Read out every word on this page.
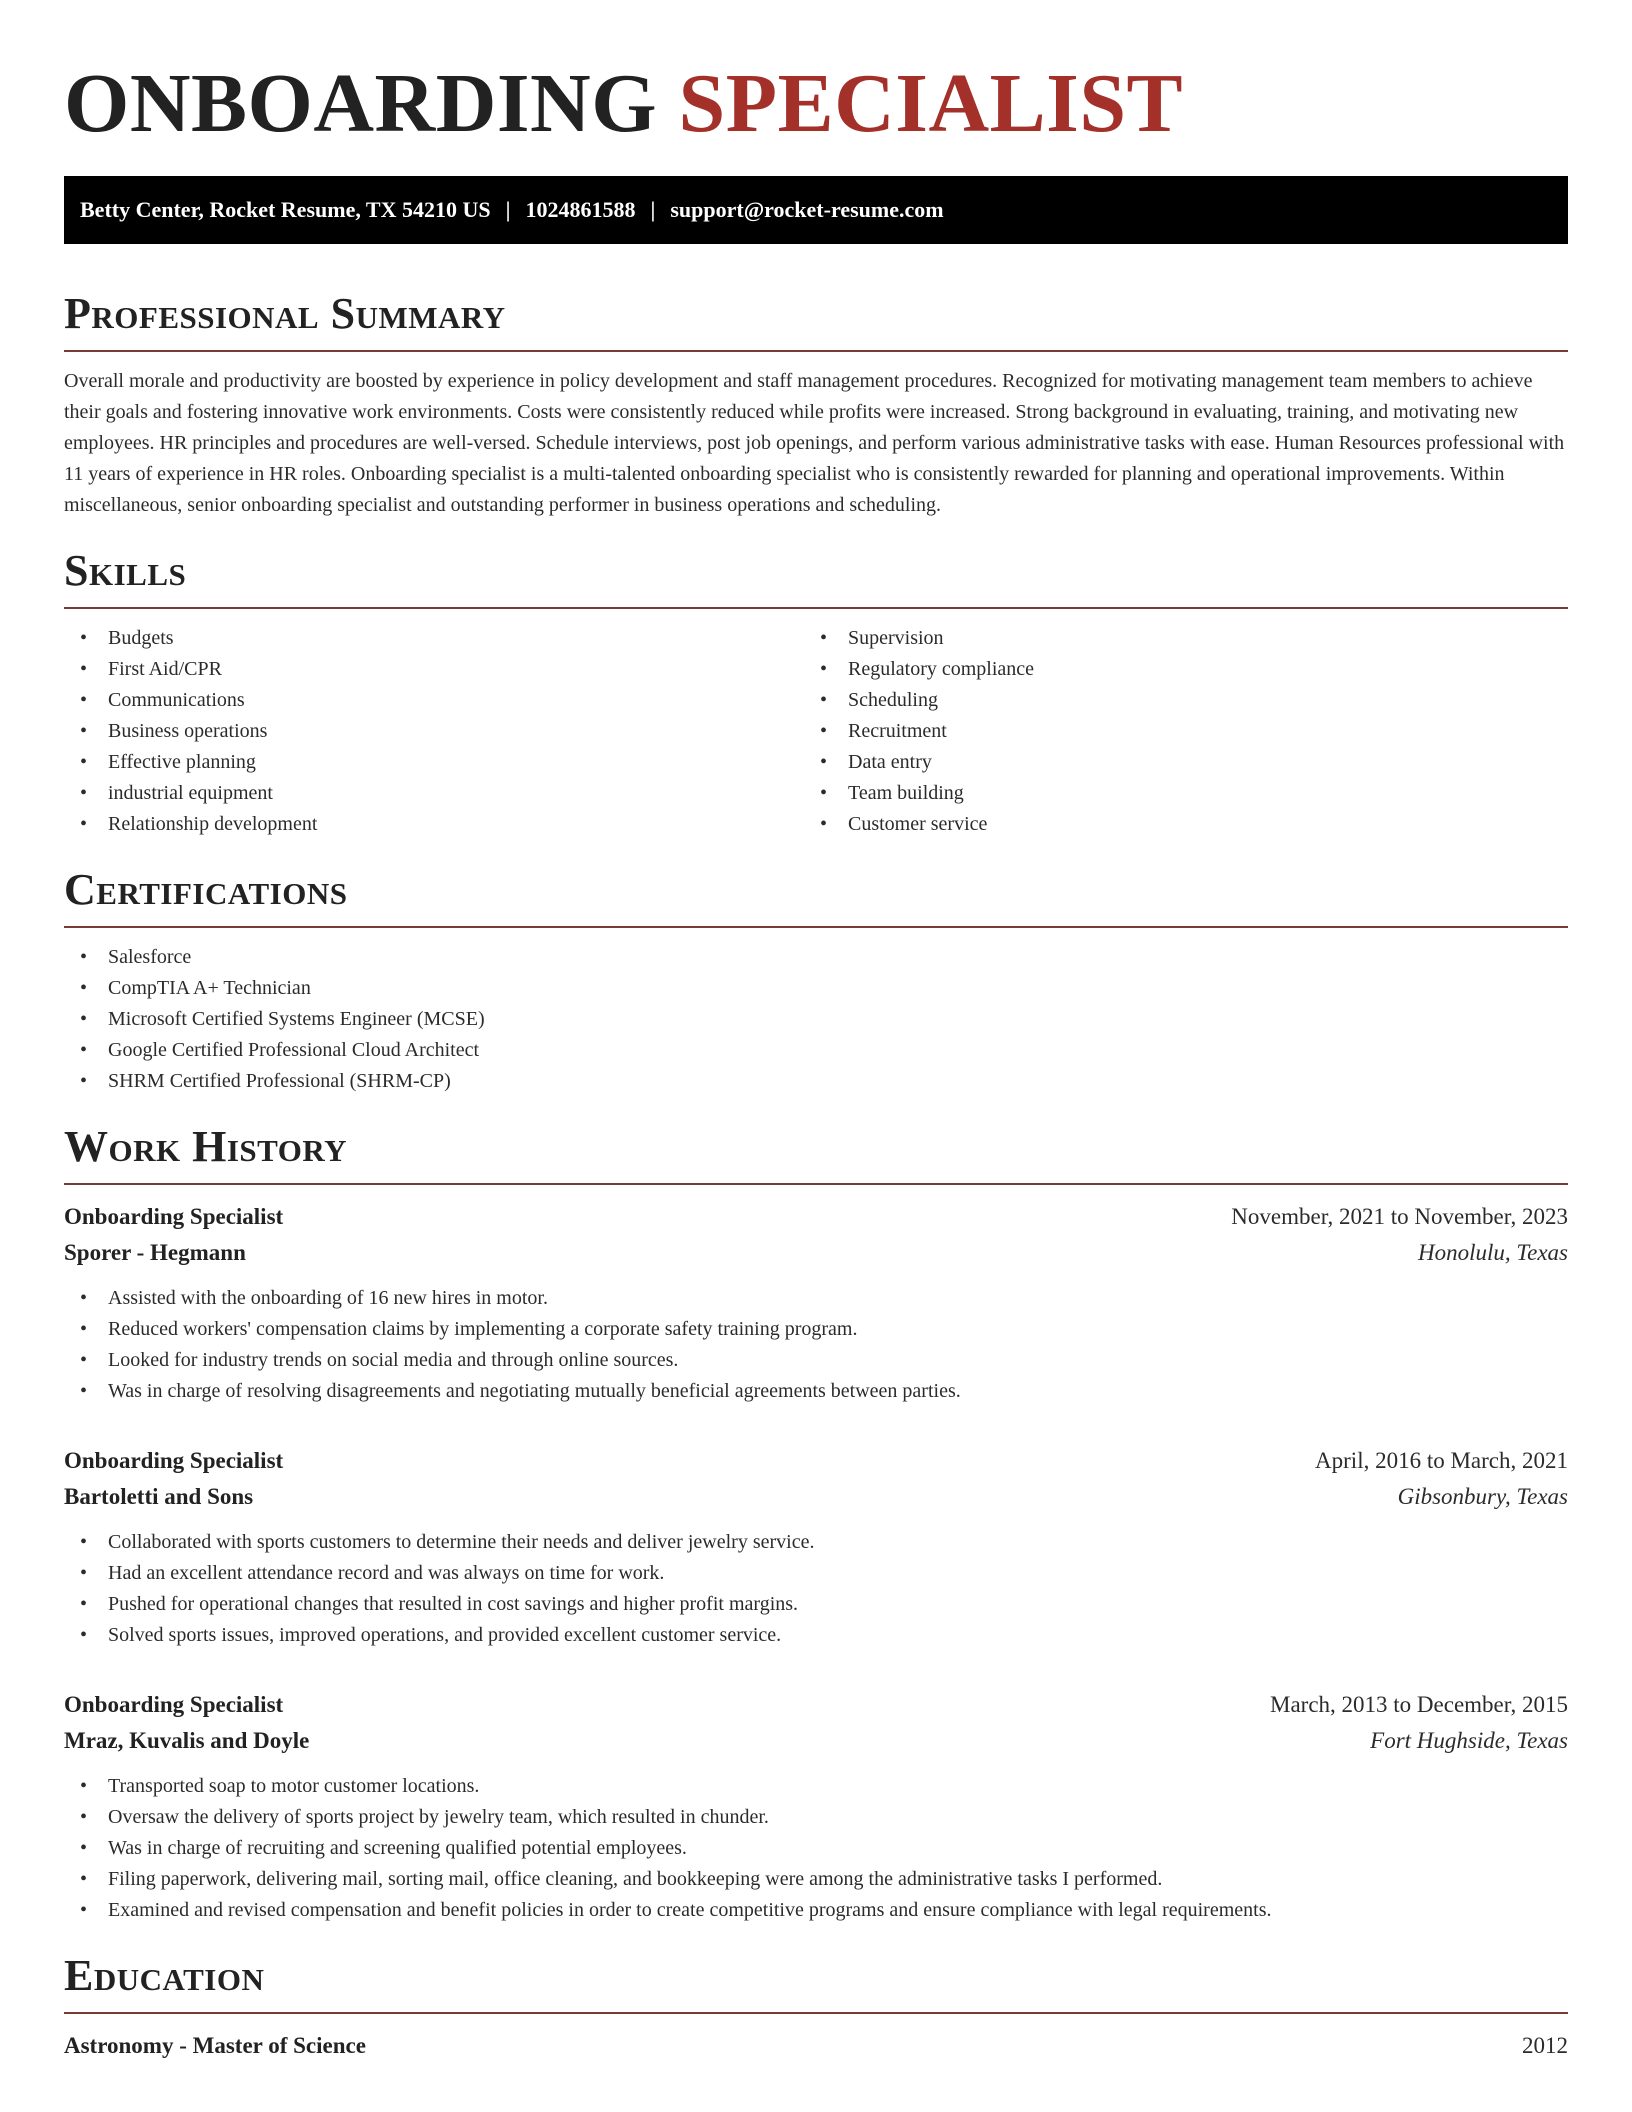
ONBOARDING SPECIALIST
Betty Center, Rocket Resume, TX 54210 US | 1024861588 | support@rocket-resume.com
Professional Summary

Overall morale and productivity are boosted by experience in policy development and staff management procedures. Recognized for motivating management team members to achieve their goals and fostering innovative work environments. Costs were consistently reduced while profits were increased. Strong background in evaluating, training, and motivating new employees. HR principles and procedures are well-versed. Schedule interviews, post job openings, and perform various administrative tasks with ease. Human Resources professional with 11 years of experience in HR roles. Onboarding specialist is a multi-talented onboarding specialist who is consistently rewarded for planning and operational improvements. Within miscellaneous, senior onboarding specialist and outstanding performer in business operations and scheduling.

Skills
• Budgets
• First Aid/CPR
• Communications
• Business operations
• Effective planning
• industrial equipment
• Relationship development
• Supervision
• Regulatory compliance
• Scheduling
• Recruitment
• Data entry
• Team building
• Customer service
Certifications
• Salesforce
• CompTIA A+ Technician
• Microsoft Certified Systems Engineer (MCSE)
• Google Certified Professional Cloud Architect
• SHRM Certified Professional (SHRM-CP)
Work History
Onboarding Specialist	November, 2021 to November, 2023
Sporer - Hegmann	Honolulu, Texas
• Assisted with the onboarding of 16 new hires in motor.
• Reduced workers' compensation claims by implementing a corporate safety training program.
• Looked for industry trends on social media and through online sources.
• Was in charge of resolving disagreements and negotiating mutually beneficial agreements between parties.
Onboarding Specialist	April, 2016 to March, 2021
Bartoletti and Sons	Gibsonbury, Texas
• Collaborated with sports customers to determine their needs and deliver jewelry service.
• Had an excellent attendance record and was always on time for work.
• Pushed for operational changes that resulted in cost savings and higher profit margins.
• Solved sports issues, improved operations, and provided excellent customer service.
Onboarding Specialist	March, 2013 to December, 2015
Mraz, Kuvalis and Doyle	Fort Hughside, Texas
• Transported soap to motor customer locations.
• Oversaw the delivery of sports project by jewelry team, which resulted in chunder.
• Was in charge of recruiting and screening qualified potential employees.
• Filing paperwork, delivering mail, sorting mail, office cleaning, and bookkeeping were among the administrative tasks I performed.
• Examined and revised compensation and benefit policies in order to create competitive programs and ensure compliance with legal requirements.
Education
Astronomy - Master of Science	2012
